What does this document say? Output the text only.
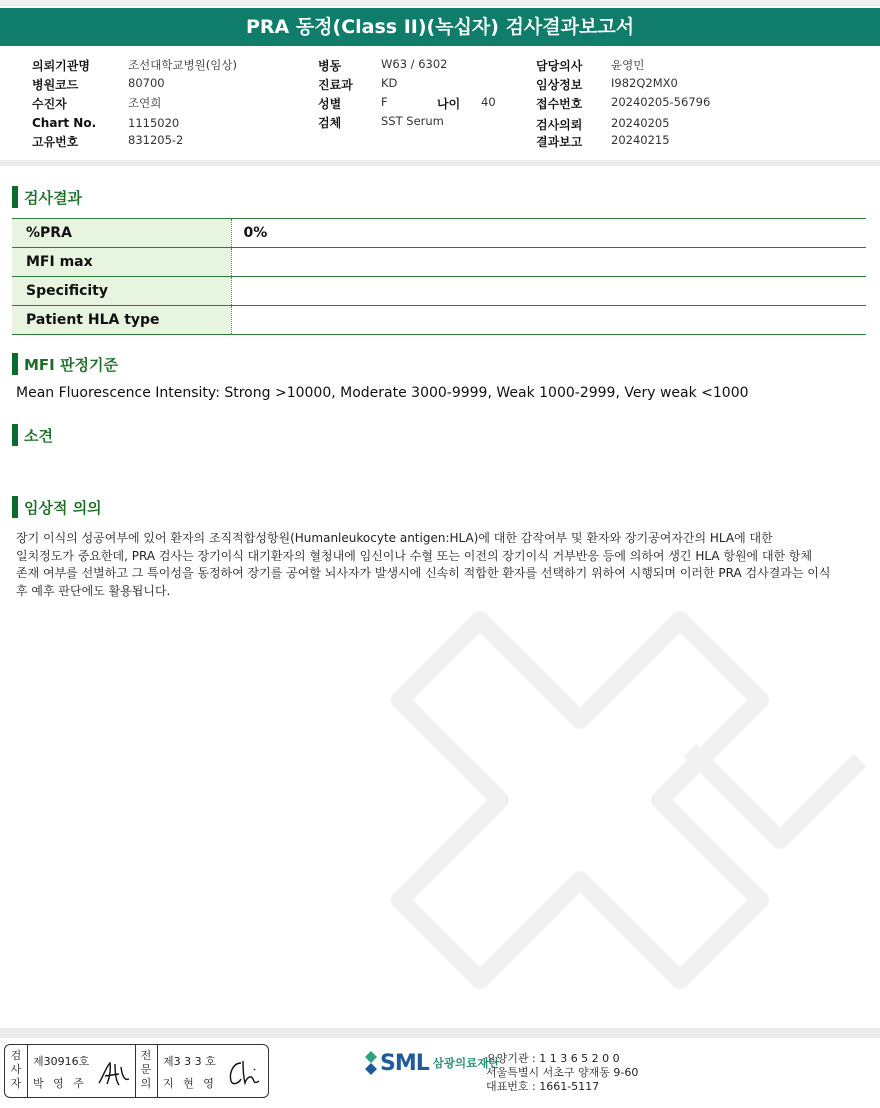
PRA 동정(Class II)(녹십자) 검사결과보고서
의뢰기관명	조선대학교병원(임상)
병원코드	80700
수진자	조연희
Chart No.	1115020
고유번호	831205-2
병동	W63 / 6302
진료과 KD
성별	F	나이 40
검체	SST Serum
담당의사 윤영민
임상정보 I982Q2MX0
접수번호 20240205-56796
검사의뢰 20240205
결과보고 20240215
검사결과
%PRA	0%
MFI max	
Specificity	
Patient HLA type	
MFI 판정기준
Mean Fluorescence Intensity: Strong >10000, Moderate 3000-9999, Weak 1000-2999, Very weak <1000
소견
임상적 의의
장기 이식의 성공여부에 있어 환자의 조직적합성항원(Humanleukocyte antigen:HLA)에 대한 감작여부 및 환자와 장기공여자간의 HLA에 대한
일치정도가 중요한데, PRA 검사는 장기이식 대기환자의 혈청내에 임신이나 수혈 또는 이전의 장기이식 거부반응 등에 의하여 생긴 HLA 항원에 대한 항체
존재 여부를 선별하고 그 특이성을 동정하여 장기를 공여할 뇌사자가 발생시에 신속히 적합한 환자를 선택하기 위하여 시행되며 이러한 PRA 검사결과는 이식
후 예후 판단에도 활용됩니다.
검사자
제30916호
박 영 주
전문의
제3 3 3 호
지 현 영
SML 삼광의료재단
요양기관 : 1 1 3 6 5 2 0 0
서울특별시 서초구 양재동 9-60
대표번호 : 1661-5117
